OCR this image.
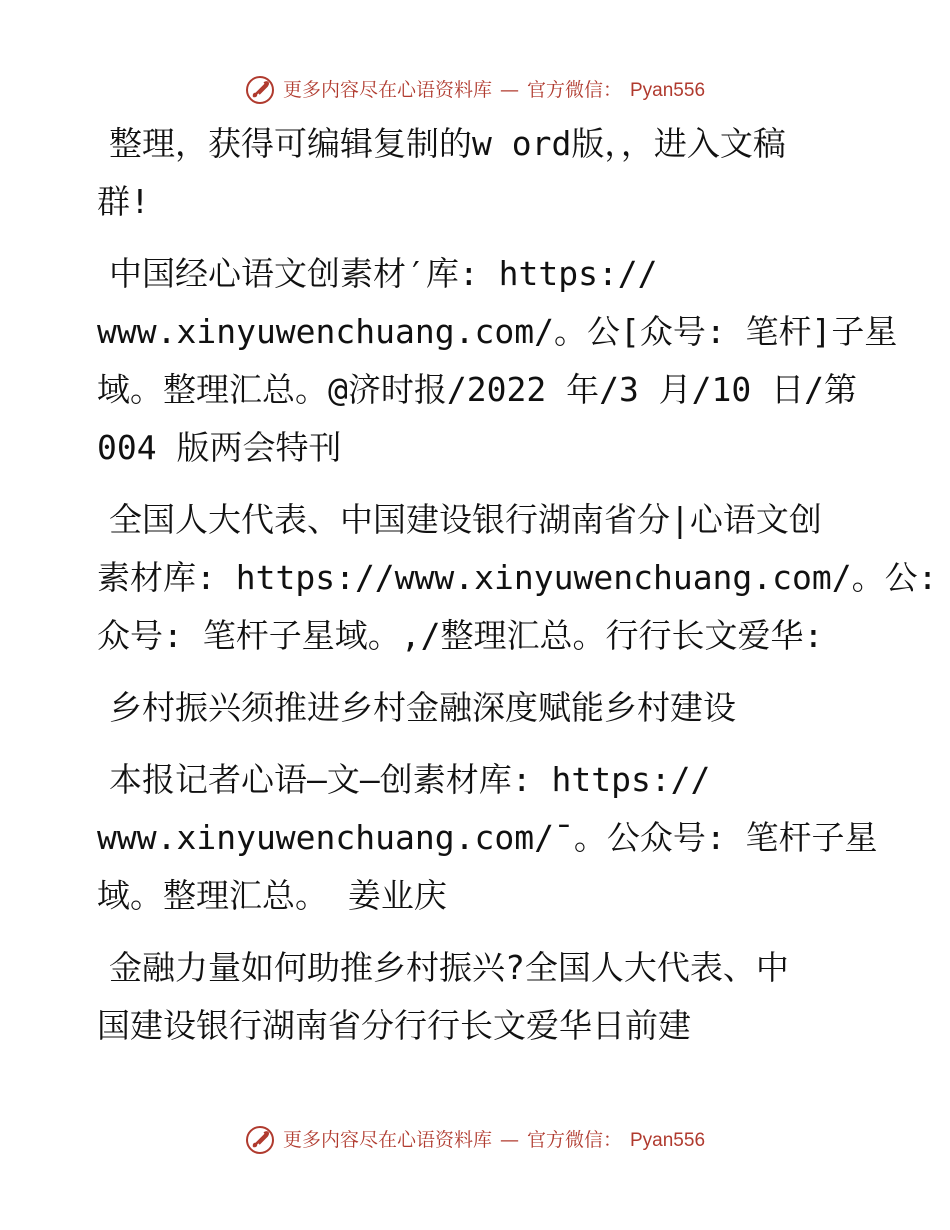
更多内容尽在心语资料库 — 官方微信： Pyan556
整理，获得可编辑复制的w ord版，，进入文稿
群!
中国经心语文创素材′库: https://
www.xinyuwenchuang.com/。公[众号: 笔杆]子星
域。整理汇总。@济时报/2022 年/3 月/10 日/第
004 版两会特刊
全国人大代表、中国建设银行湖南省分|心语文创
素材库: https://www.xinyuwenchuang.com/。公:
众号: 笔杆子星域。,/整理汇总。行行长文爱华:
乡村振兴须推进乡村金融深度赋能乡村建设
本报记者心语—文—创素材库: https://
www.xinyuwenchuang.com/¯。公众号: 笔杆子星
域。整理汇总。 姜业庆
金融力量如何助推乡村振兴?全国人大代表、中
国建设银行湖南省分行行长文爱华日前建
更多内容尽在心语资料库 — 官方微信： Pyan556
